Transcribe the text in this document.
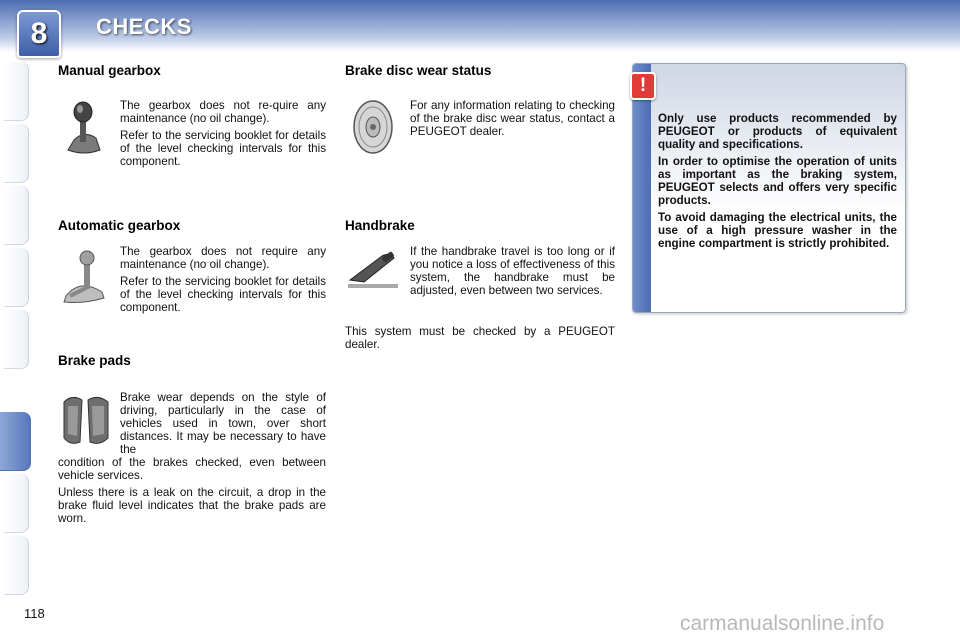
8	CHECKS
Manual gearbox

The gearbox does not re-quire any maintenance (no oil change).

Refer to the servicing booklet for details of the level checking intervals for this component.

Automatic gearbox

The gearbox does not require any maintenance (no oil change).

Refer to the servicing booklet for details of the level checking intervals for this component.

Brake pads

Brake wear depends on the style of driving, particularly in the case of vehicles used in town, over short distances. It may be necessary to have the

condition of the brakes checked, even between vehicle services.

Unless there is a leak on the circuit, a drop in the brake fluid level indicates that the brake pads are worn.

Brake disc wear status

For any information relating to checking of the brake disc wear status, contact a PEUGEOT dealer.

Handbrake

If the handbrake travel is too long or if you notice a loss of effectiveness of this system, the handbrake must be adjusted, even between two services.

This system must be checked by a PEUGEOT dealer.

!

Only use products recommended by PEUGEOT or products of equivalent quality and specifications.

In order to optimise the operation of units as important as the braking system, PEUGEOT selects and offers very specific products.

To avoid damaging the electrical units, the use of a high pressure washer in the engine compartment is strictly prohibited.

118	carmanualsonline.info
